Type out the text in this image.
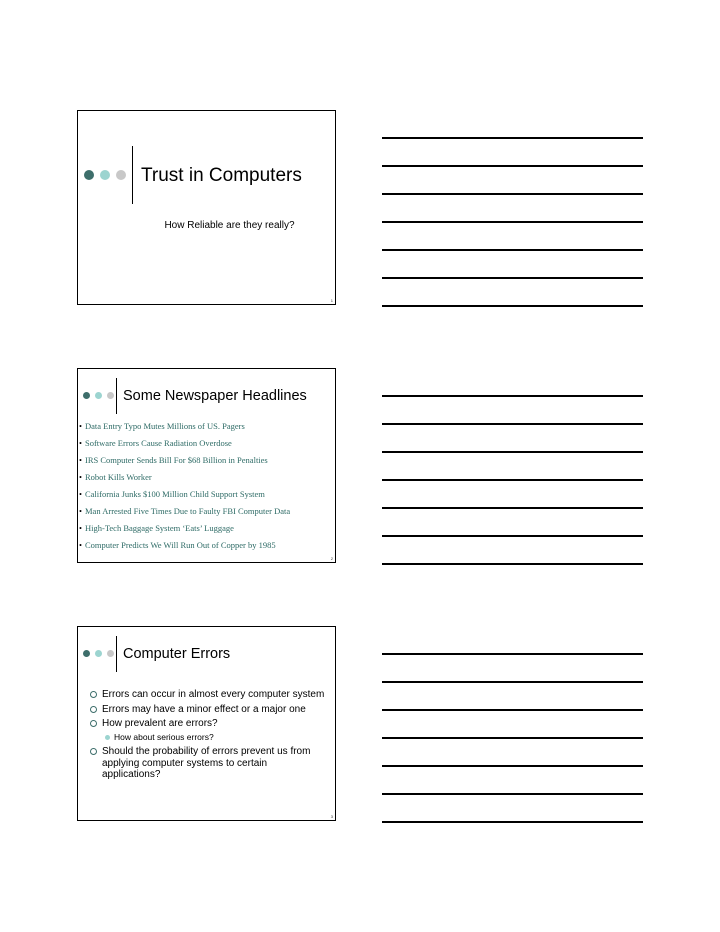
Trust in Computers
How Reliable are they really?
1
Some Newspaper Headlines
• Data Entry Typo Mutes Millions of US. Pagers
• Software Errors Cause Radiation Overdose
• IRS Computer Sends Bill For $68 Billion in Penalties
• Robot Kills Worker
• California Junks $100 Million Child Support System
• Man Arrested Five Times Due to Faulty FBI Computer Data
• High-Tech Baggage System ‘Eats’ Luggage
• Computer Predicts We Will Run Out of Copper by 1985
2
Computer Errors
Errors can occur in almost every computer system
Errors may have a minor effect or a major one
How prevalent are errors?
How about serious errors?
Should the probability of errors prevent us from applying computer systems to certain applications?
3
